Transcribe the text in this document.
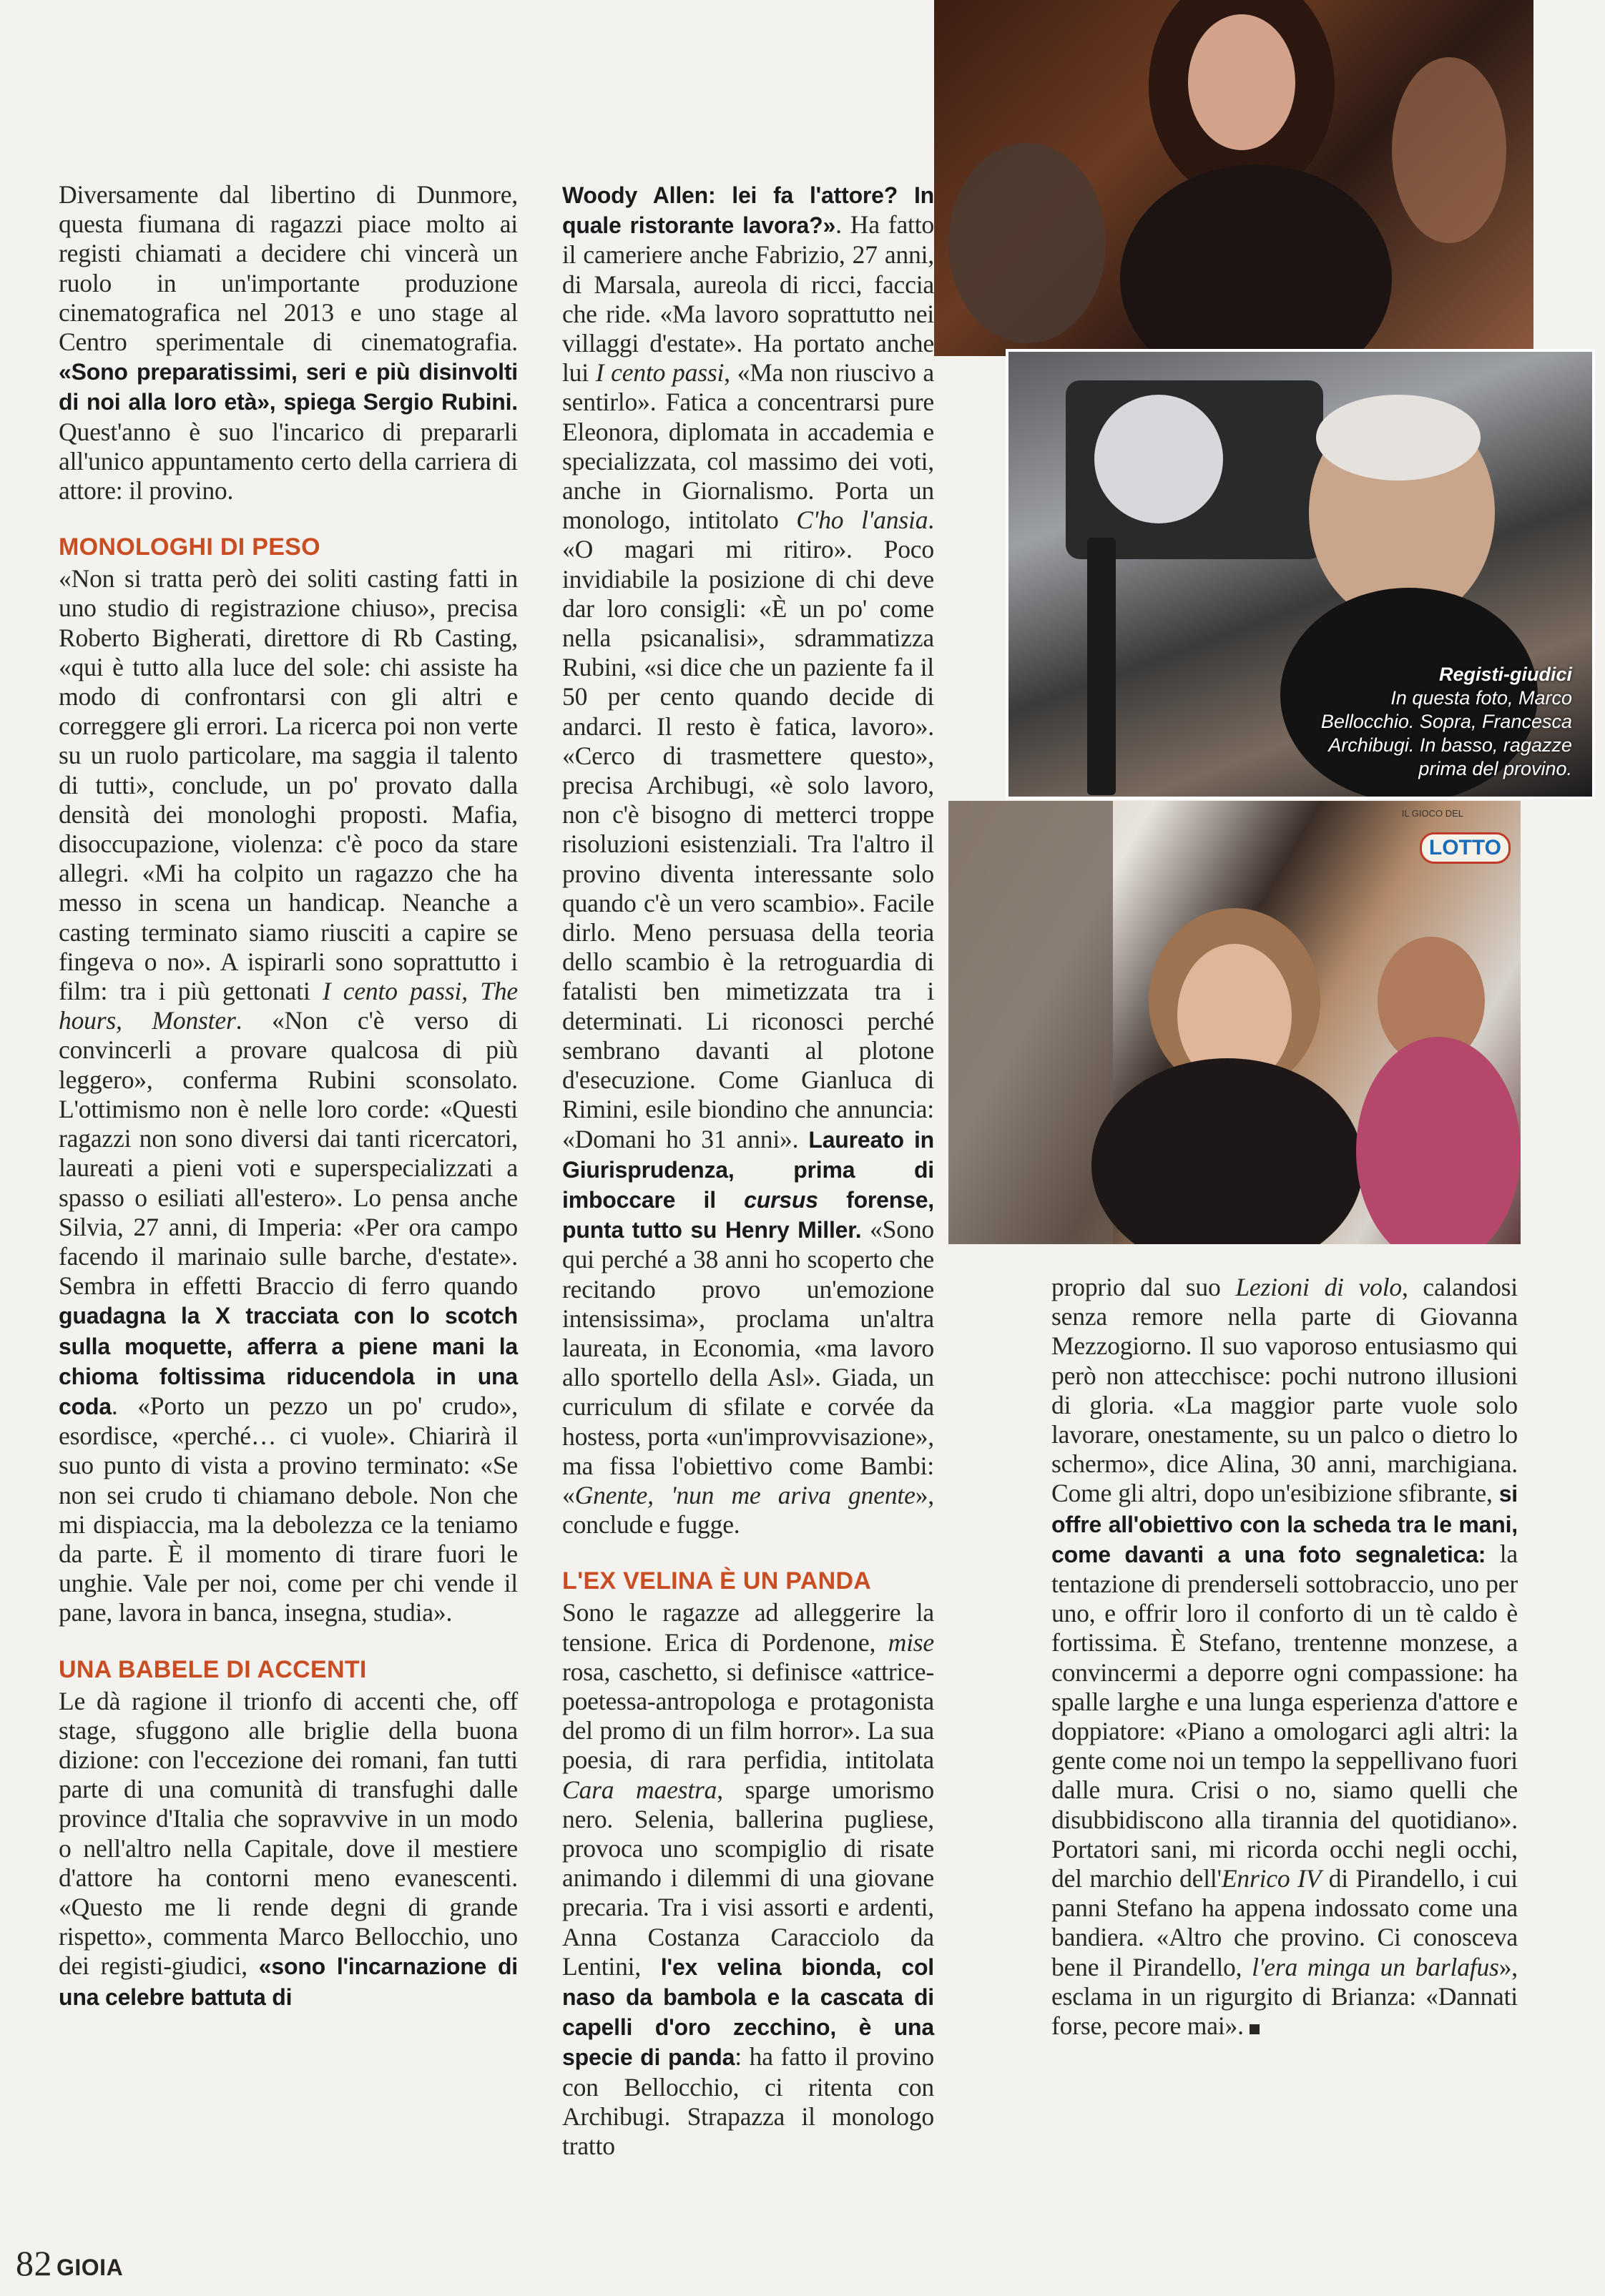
Diversamente dal libertino di Dunmore, questa fiumana di ragazzi piace molto ai registi chiamati a decidere chi vincerà un ruolo in un'importante produzione cinematografica nel 2013 e uno stage al Centro sperimentale di cinematografia. «Sono preparatissimi, seri e più disinvolti di noi alla loro età», spiega Sergio Rubini. Quest'anno è suo l'incarico di prepararli all'unico appuntamento certo della carriera di attore: il provino.

MONOLOGHI DI PESO

«Non si tratta però dei soliti casting fatti in uno studio di registrazione chiuso», precisa Roberto Bigherati, direttore di Rb Casting, «qui è tutto alla luce del sole: chi assiste ha modo di confrontarsi con gli altri e correggere gli errori. La ricerca poi non verte su un ruolo particolare, ma saggia il talento di tutti», conclude, un po' provato dalla densità dei monologhi proposti. Mafia, disoccupazione, violenza: c'è poco da stare allegri. «Mi ha colpito un ragazzo che ha messo in scena un handicap. Neanche a casting terminato siamo riusciti a capire se fingeva o no». A ispirarli sono soprattutto i film: tra i più gettonati I cento passi, The hours, Monster. «Non c'è verso di convincerli a provare qualcosa di più leggero», conferma Rubini sconsolato. L'ottimismo non è nelle loro corde: «Questi ragazzi non sono diversi dai tanti ricercatori, laureati a pieni voti e superspecializzati a spasso o esiliati all'estero». Lo pensa anche Silvia, 27 anni, di Imperia: «Per ora campo facendo il marinaio sulle barche, d'estate». Sembra in effetti Braccio di ferro quando guadagna la X tracciata con lo scotch sulla moquette, afferra a piene mani la chioma foltissima riducendola in una coda. «Porto un pezzo un po' crudo», esordisce, «perché… ci vuole». Chiarirà il suo punto di vista a provino terminato: «Se non sei crudo ti chiamano debole. Non che mi dispiaccia, ma la debolezza ce la teniamo da parte. È il momento di tirare fuori le unghie. Vale per noi, come per chi vende il pane, lavora in banca, insegna, studia».

UNA BABELE DI ACCENTI

Le dà ragione il trionfo di accenti che, off stage, sfuggono alle briglie della buona dizione: con l'eccezione dei romani, fan tutti parte di una comunità di transfughi dalle province d'Italia che sopravvive in un modo o nell'altro nella Capitale, dove il mestiere d'attore ha contorni meno evanescenti. «Questo me li rende degni di grande rispetto», commenta Marco Bellocchio, uno dei registi-giudici, «sono l'incarnazione di una celebre battuta di

Woody Allen: lei fa l'attore? In quale ristorante lavora?». Ha fatto il cameriere anche Fabrizio, 27 anni, di Marsala, aureola di ricci, faccia che ride. «Ma lavoro soprattutto nei villaggi d'estate». Ha portato anche lui I cento passi, «Ma non riuscivo a sentirlo». Fatica a concentrarsi pure Eleonora, diplomata in accademia e specializzata, col massimo dei voti, anche in Giornalismo. Porta un monologo, intitolato C'ho l'ansia. «O magari mi ritiro». Poco invidiabile la posizione di chi deve dar loro consigli: «È un po' come nella psicanalisi», sdrammatizza Rubini, «si dice che un paziente fa il 50 per cento quando decide di andarci. Il resto è fatica, lavoro». «Cerco di trasmettere questo», precisa Archibugi, «è solo lavoro, non c'è bisogno di metterci troppe risoluzioni esistenziali. Tra l'altro il provino diventa interessante solo quando c'è un vero scambio». Facile dirlo. Meno persuasa della teoria dello scambio è la retroguardia di fatalisti ben mimetizzata tra i determinati. Li riconosci perché sembrano davanti al plotone d'esecuzione. Come Gianluca di Rimini, esile biondino che annuncia: «Domani ho 31 anni». Laureato in Giurisprudenza, prima di imboccare il cursus forense, punta tutto su Henry Miller. «Sono qui perché a 38 anni ho scoperto che recitando provo un'emozione intensissima», proclama un'altra laureata, in Economia, «ma lavoro allo sportello della Asl». Giada, un curriculum di sfilate e corvée da hostess, porta «un'improvvisazione», ma fissa l'obiettivo come Bambi: «Gnente, 'nun me ariva gnente», conclude e fugge.

L'EX VELINA È UN PANDA

Sono le ragazze ad alleggerire la tensione. Erica di Pordenone, mise rosa, caschetto, si definisce «attrice-poetessa-antropologa e protagonista del promo di un film horror». La sua poesia, di rara perfidia, intitolata Cara maestra, sparge umorismo nero. Selenia, ballerina pugliese, provoca uno scompiglio di risate animando i dilemmi di una giovane precaria. Tra i visi assorti e ardenti, Anna Costanza Caracciolo da Lentini, l'ex velina bionda, col naso da bambola e la cascata di capelli d'oro zecchino, è una specie di panda: ha fatto il provino con Bellocchio, ci ritenta con Archibugi. Strapazza il monologo tratto

proprio dal suo Lezioni di volo, calandosi senza remore nella parte di Giovanna Mezzogiorno. Il suo vaporoso entusiasmo qui però non attecchisce: pochi nutrono illusioni di gloria. «La maggior parte vuole solo lavorare, onestamente, su un palco o dietro lo schermo», dice Alina, 30 anni, marchigiana. Come gli altri, dopo un'esibizione sfibrante, si offre all'obiettivo con la scheda tra le mani, come davanti a una foto segnaletica: la tentazione di prenderseli sottobraccio, uno per uno, e offrir loro il conforto di un tè caldo è fortissima. È Stefano, trentenne monzese, a convincermi a deporre ogni compassione: ha spalle larghe e una lunga esperienza d'attore e doppiatore: «Piano a omologarci agli altri: la gente come noi un tempo la seppellivano fuori dalle mura. Crisi o no, siamo quelli che disubbidiscono alla tirannia del quotidiano». Portatori sani, mi ricorda occhi negli occhi, del marchio dell'Enrico IV di Pirandello, i cui panni Stefano ha appena indossato come una bandiera. «Altro che provino. Ci conosceva bene il Pirandello, l'era minga un barlafus», esclama in un rigurgito di Brianza: «Dannati forse, pecore mai».

Registi-giudici
In questa foto, Marco Bellocchio. Sopra, Francesca Archibugi. In basso, ragazze prima del provino.
IL GIOCO DEL
LOTTO
82 GIOIA
